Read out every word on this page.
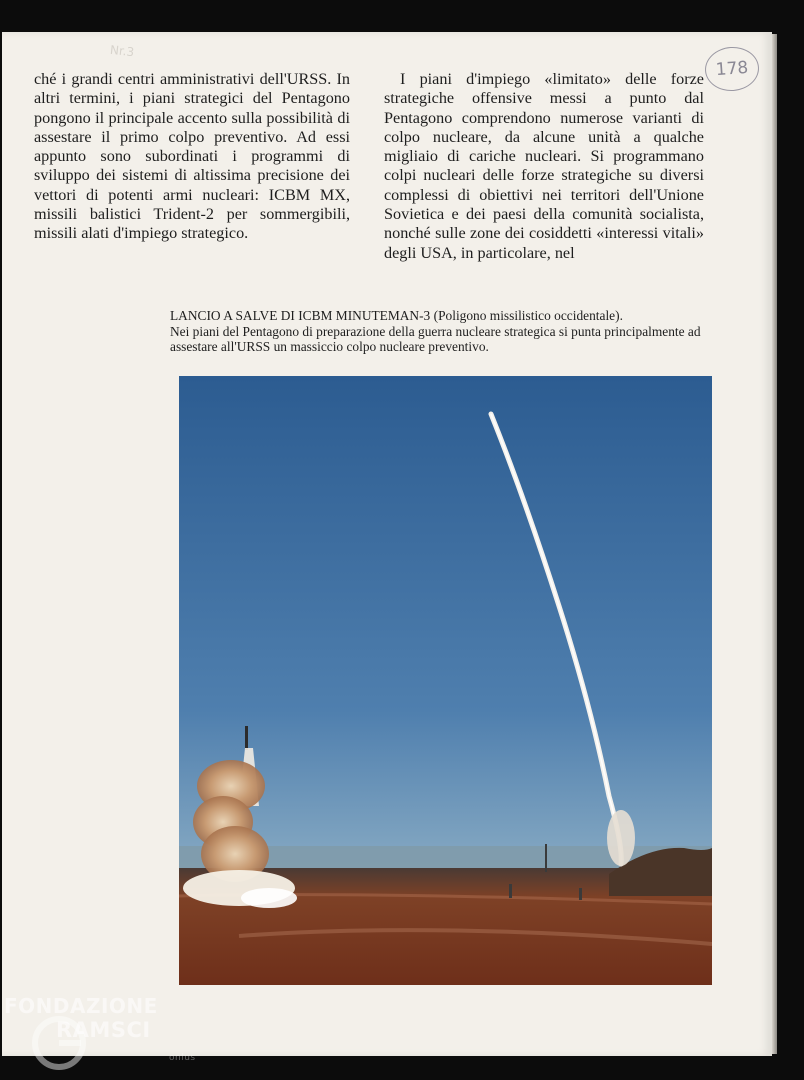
Nr.3
178

ché i grandi centri amministrativi dell'URSS. In altri termini, i piani strategici del Pentagono pongono il principale accento sulla possibilità di assestare il primo colpo preventivo. Ad essi appunto sono subordinati i programmi di sviluppo dei sistemi di altissima precisione dei vettori di potenti armi nucleari: ICBM MX, missili balistici Trident-2 per sommergibili, missili alati d'impiego strategico.

I piani d'impiego «limitato» delle forze strategiche offensive messi a punto dal Pentagono comprendono numerose varianti di colpo nucleare, da alcune unità a qualche migliaio di cariche nucleari. Si programmano colpi nucleari delle forze strategiche su diversi complessi di obiettivi nei territori dell'Unione Sovietica e dei paesi della comunità socialista, nonché sulle zone dei cosiddetti «interessi vitali» degli USA, in particolare, nel

LANCIO A SALVE DI ICBM MINUTEMAN-3 (Poligono missilistico occidentale).
Nei piani del Pentagono di preparazione della guerra nucleare strategica si punta principalmente ad assestare all'URSS un massiccio colpo nucleare preventivo.
FONDAZIONE
RAMSCI
onlus
